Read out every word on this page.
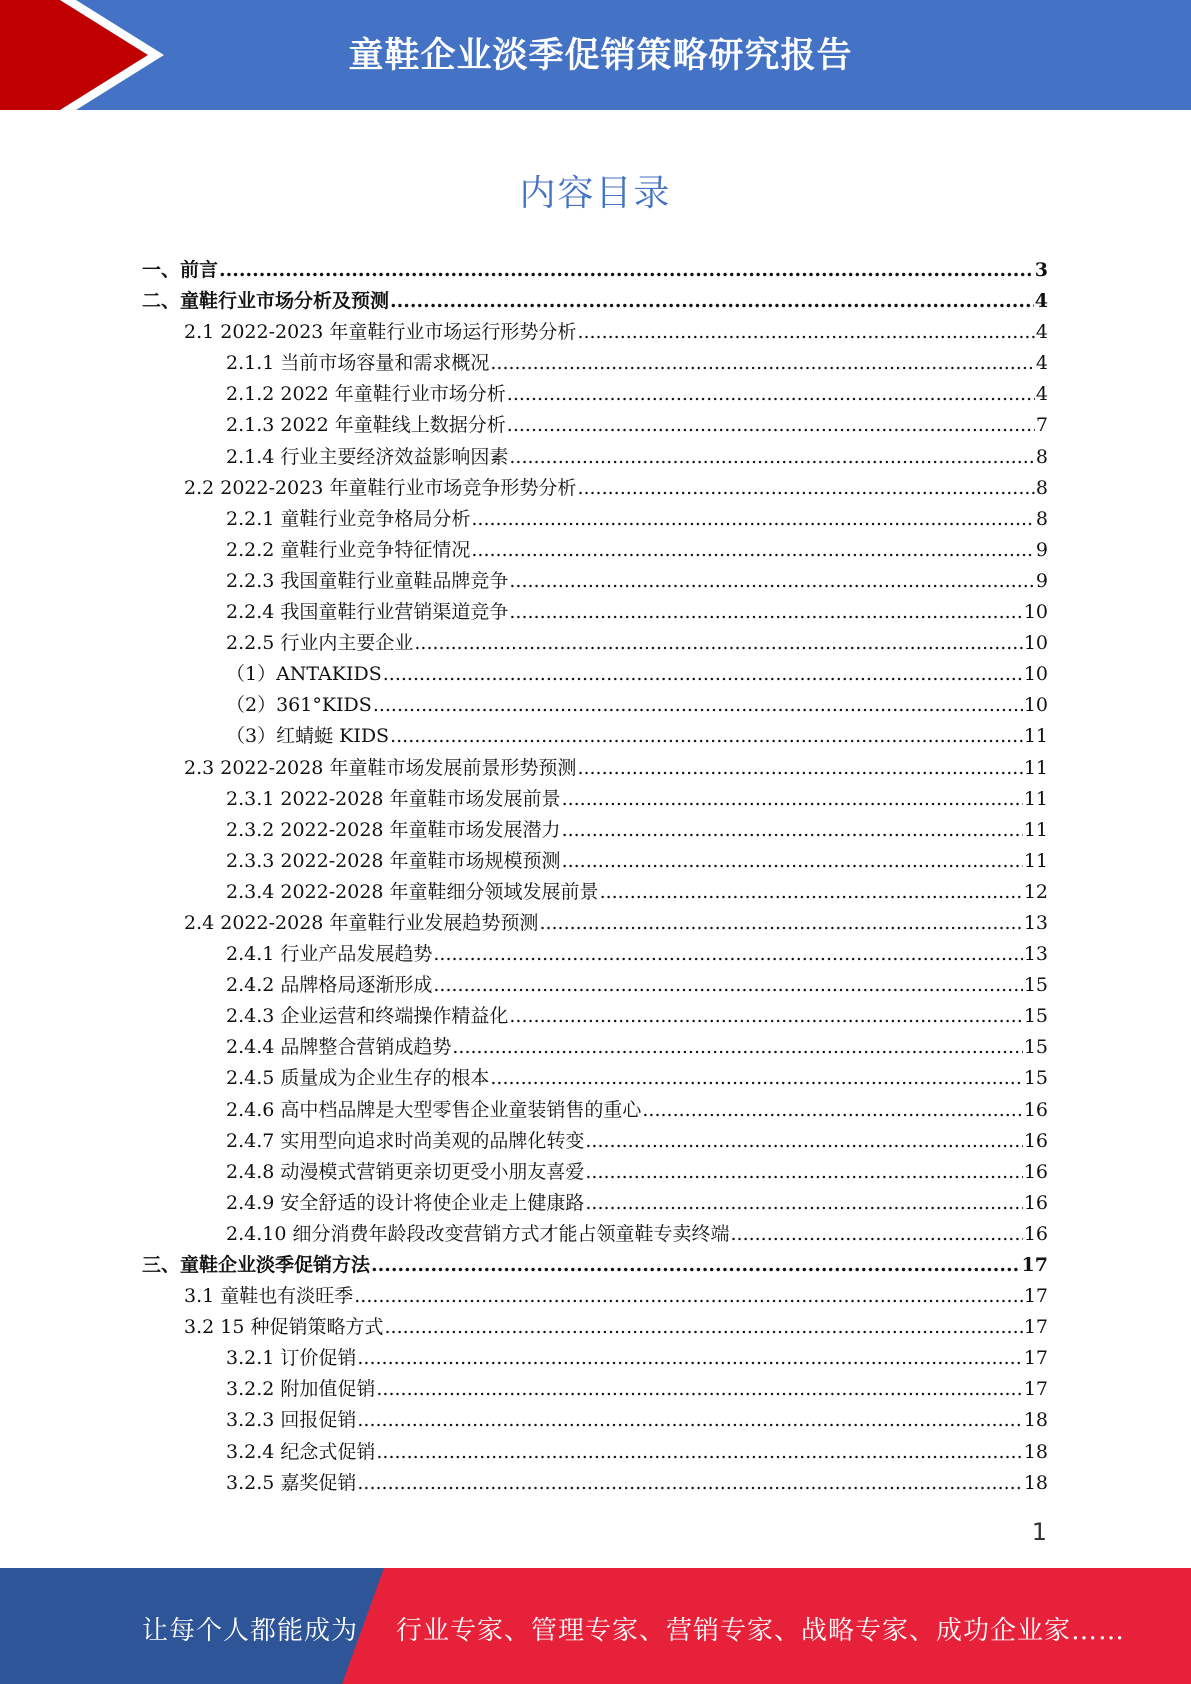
童鞋企业淡季促销策略研究报告
内容目录
一、前言 .....	3
二、童鞋行业市场分析及预测 .....	4
2.1 2022-2023 年童鞋行业市场运行形势分析 .....	4
2.1.1 当前市场容量和需求概况 .....	4
2.1.2 2022 年童鞋行业市场分析 .....	4
2.1.3 2022 年童鞋线上数据分析 .....	7
2.1.4 行业主要经济效益影响因素 .....	8
2.2 2022-2023 年童鞋行业市场竞争形势分析 .....	8
2.2.1 童鞋行业竞争格局分析 .....	8
2.2.2 童鞋行业竞争特征情况 .....	9
2.2.3 我国童鞋行业童鞋品牌竞争 .....	9
2.2.4 我国童鞋行业营销渠道竞争 .....	10
2.2.5 行业内主要企业 .....	10
（1）ANTAKIDS .....	10
（2）361°KIDS .....	10
（3）红蜻蜓 KIDS .....	11
2.3 2022-2028 年童鞋市场发展前景形势预测 .....	11
2.3.1 2022-2028 年童鞋市场发展前景 .....	11
2.3.2 2022-2028 年童鞋市场发展潜力 .....	11
2.3.3 2022-2028 年童鞋市场规模预测 .....	11
2.3.4 2022-2028 年童鞋细分领域发展前景 .....	12
2.4 2022-2028 年童鞋行业发展趋势预测 .....	13
2.4.1 行业产品发展趋势 .....	13
2.4.2 品牌格局逐渐形成 .....	15
2.4.3 企业运营和终端操作精益化 .....	15
2.4.4 品牌整合营销成趋势 .....	15
2.4.5 质量成为企业生存的根本 .....	15
2.4.6 高中档品牌是大型零售企业童装销售的重心 .....	16
2.4.7 实用型向追求时尚美观的品牌化转变 .....	16
2.4.8 动漫模式营销更亲切更受小朋友喜爱 .....	16
2.4.9 安全舒适的设计将使企业走上健康路 .....	16
2.4.10 细分消费年龄段改变营销方式才能占领童鞋专卖终端 .....	16
三、童鞋企业淡季促销方法 .....	17
3.1 童鞋也有淡旺季 .....	17
3.2 15 种促销策略方式 .....	17
3.2.1 订价促销 .....	17
3.2.2 附加值促销 .....	17
3.2.3 回报促销 .....	18
3.2.4 纪念式促销 .....	18
3.2.5 嘉奖促销 .....	18
1
让每个人都能成为 行业专家、管理专家、营销专家、战略专家、成功企业家……
